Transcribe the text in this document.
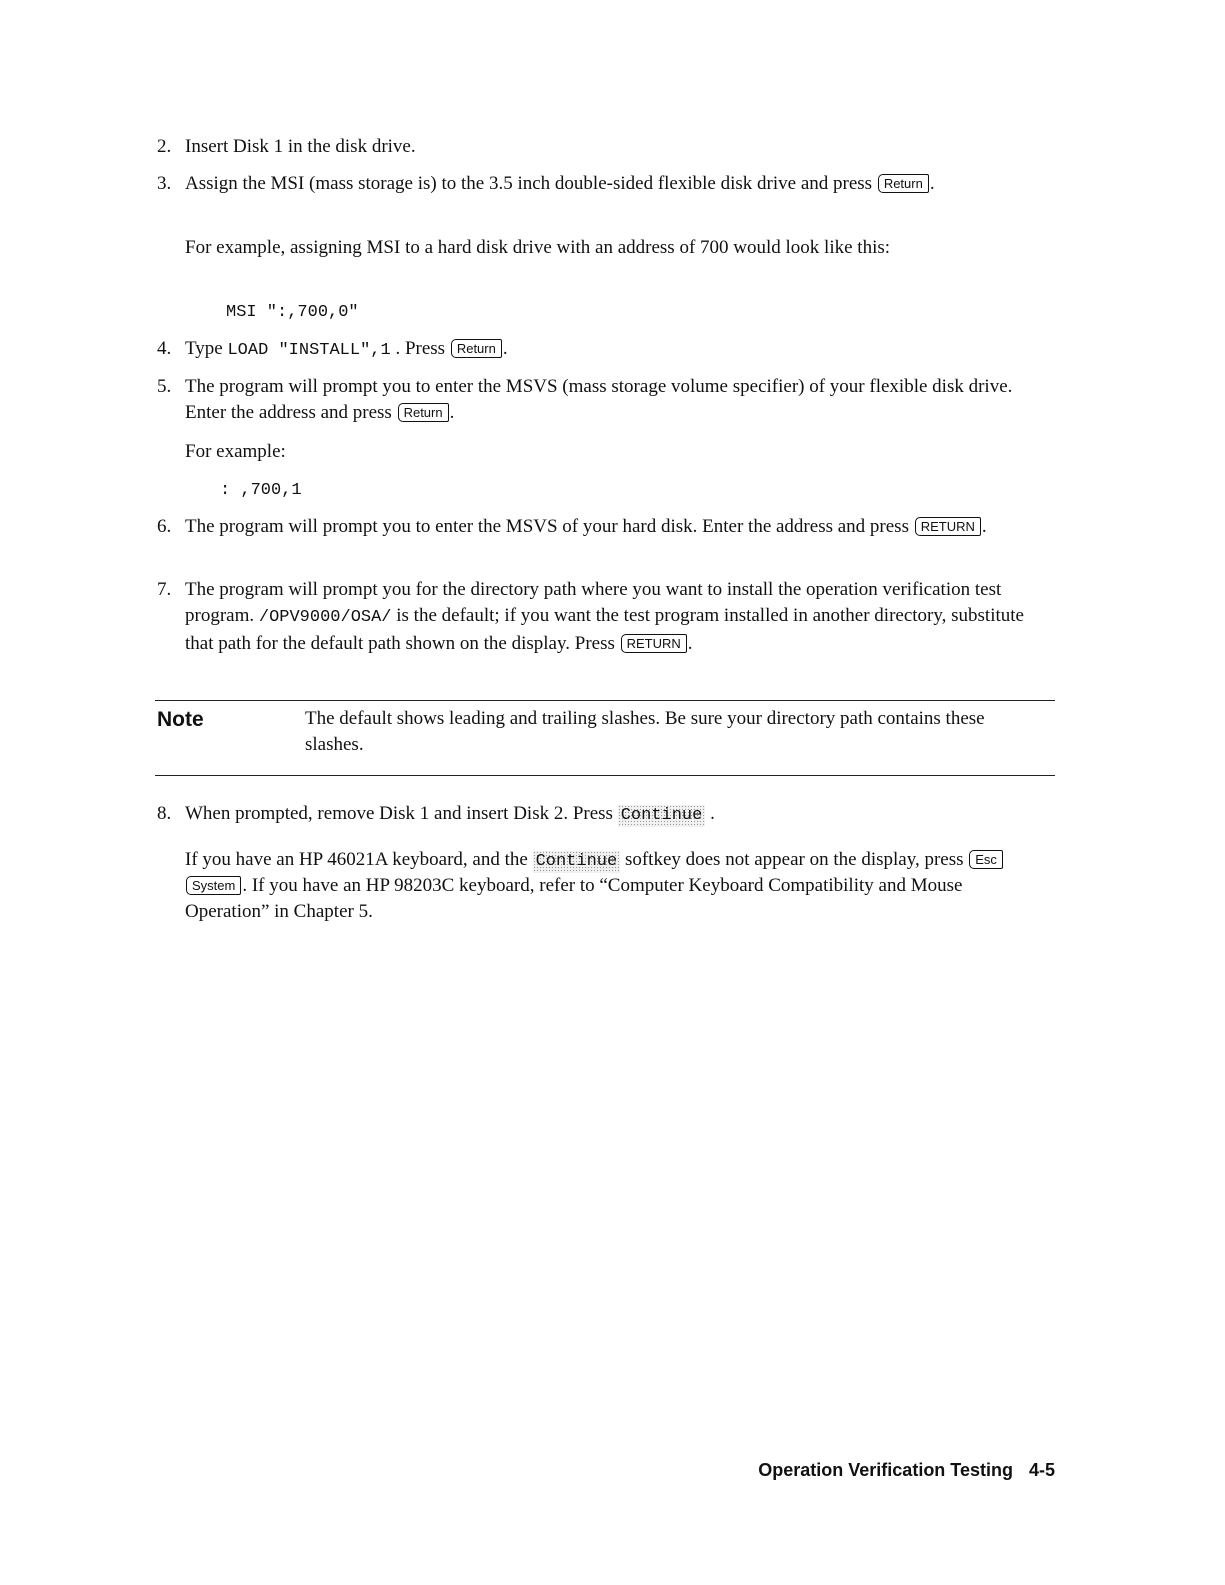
2. Insert Disk 1 in the disk drive.
3. Assign the MSI (mass storage is) to the 3.5 inch double-sided flexible disk drive and press Return .
For example, assigning MSI to a hard disk drive with an address of 700 would look like this:
MSI ":,700,0"
4. Type LOAD "INSTALL",1 . Press Return .
5. The program will prompt you to enter the MSVS (mass storage volume specifier) of your flexible disk drive. Enter the address and press Return .
For example:
: ,700,1
6. The program will prompt you to enter the MSVS of your hard disk. Enter the address and press RETURN .
7. The program will prompt you for the directory path where you want to install the operation verification test program. /OPV9000/OSA/ is the default; if you want the test program installed in another directory, substitute that path for the default path shown on the display. Press RETURN .
Note	The default shows leading and trailing slashes. Be sure your directory path contains these slashes.
8. When prompted, remove Disk 1 and insert Disk 2. Press Continue .
If you have an HP 46021A keyboard, and the Continue softkey does not appear on the display, press Esc System . If you have an HP 98203C keyboard, refer to “Computer Keyboard Compatibility and Mouse Operation” in Chapter 5.
Operation Verification Testing 4-5
